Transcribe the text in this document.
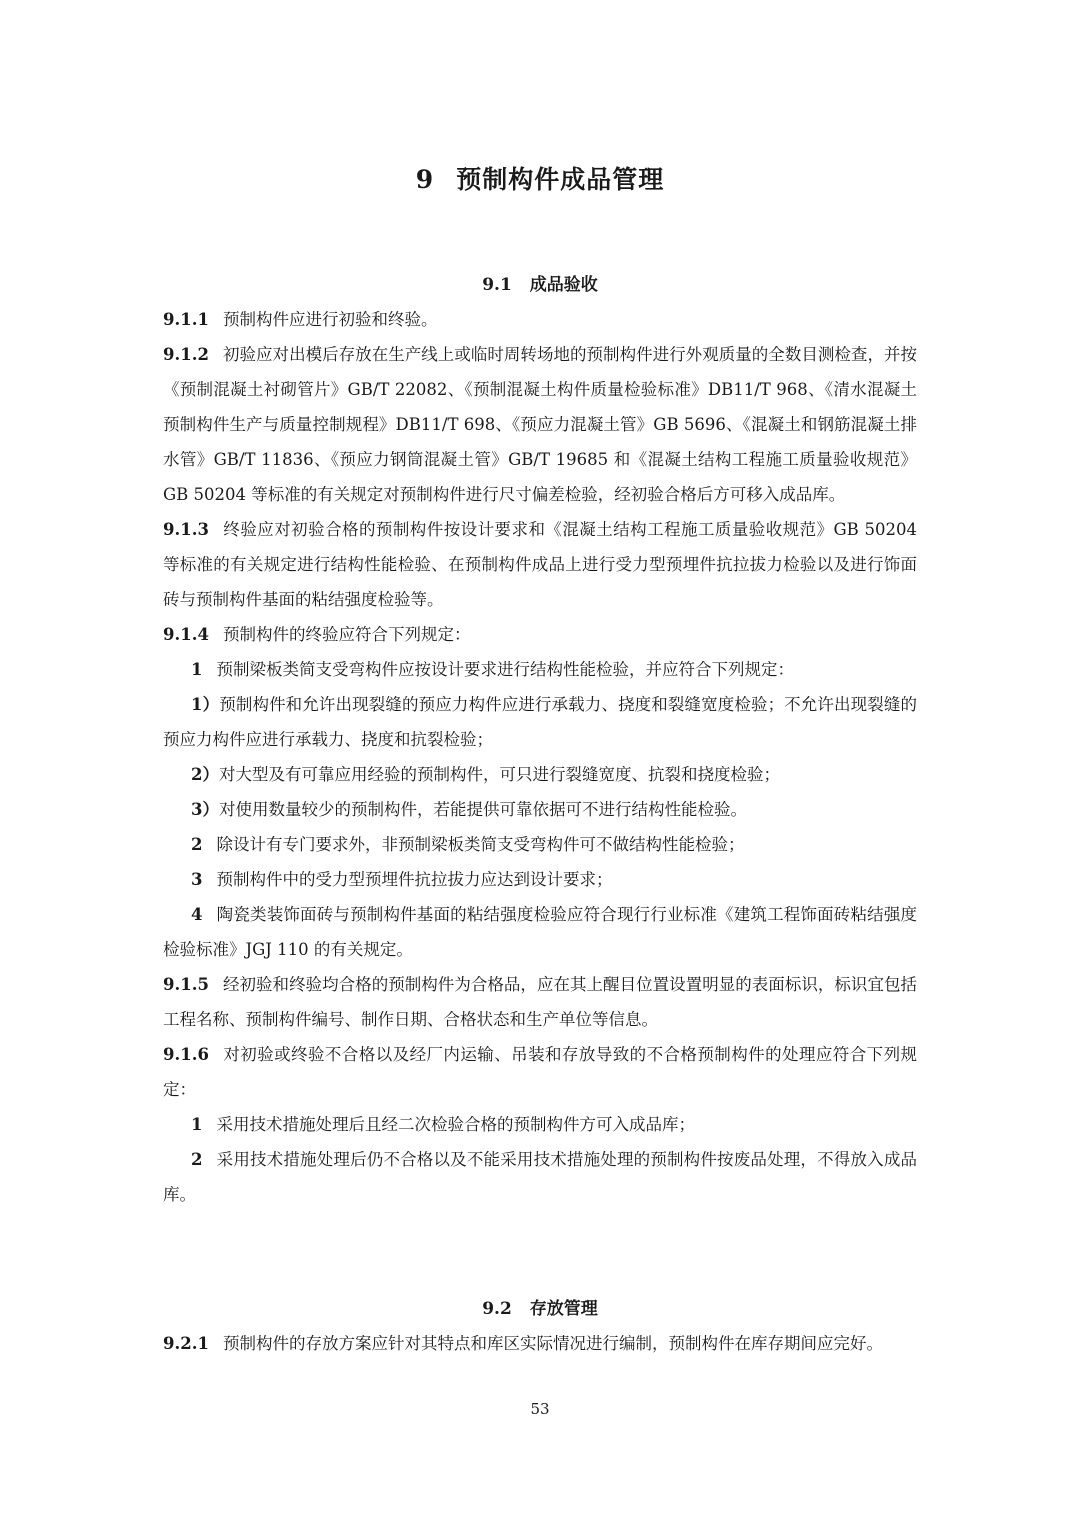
9 预制构件成品管理
9.1 成品验收

9.1.1 预制构件应进行初验和终验。

9.1.2 初验应对出模后存放在生产线上或临时周转场地的预制构件进行外观质量的全数目测检查，并按《预制混凝土衬砌管片》GB/T 22082、《预制混凝土构件质量检验标准》DB11/T 968、《清水混凝土预制构件生产与质量控制规程》DB11/T 698、《预应力混凝土管》GB 5696、《混凝土和钢筋混凝土排水管》GB/T 11836、《预应力钢筒混凝土管》GB/T 19685 和《混凝土结构工程施工质量验收规范》GB 50204 等标准的有关规定对预制构件进行尺寸偏差检验，经初验合格后方可移入成品库。

9.1.3 终验应对初验合格的预制构件按设计要求和《混凝土结构工程施工质量验收规范》GB 50204 等标准的有关规定进行结构性能检验、在预制构件成品上进行受力型预埋件抗拉拔力检验以及进行饰面砖与预制构件基面的粘结强度检验等。

9.1.4 预制构件的终验应符合下列规定：

1 预制梁板类简支受弯构件应按设计要求进行结构性能检验，并应符合下列规定：

1）预制构件和允许出现裂缝的预应力构件应进行承载力、挠度和裂缝宽度检验；不允许出现裂缝的预应力构件应进行承载力、挠度和抗裂检验；

2）对大型及有可靠应用经验的预制构件，可只进行裂缝宽度、抗裂和挠度检验；

3）对使用数量较少的预制构件，若能提供可靠依据可不进行结构性能检验。

2 除设计有专门要求外，非预制梁板类简支受弯构件可不做结构性能检验；

3 预制构件中的受力型预埋件抗拉拔力应达到设计要求；

4 陶瓷类装饰面砖与预制构件基面的粘结强度检验应符合现行行业标准《建筑工程饰面砖粘结强度检验标准》JGJ 110 的有关规定。

9.1.5 经初验和终验均合格的预制构件为合格品，应在其上醒目位置设置明显的表面标识，标识宜包括工程名称、预制构件编号、制作日期、合格状态和生产单位等信息。

9.1.6 对初验或终验不合格以及经厂内运输、吊装和存放导致的不合格预制构件的处理应符合下列规定：

1 采用技术措施处理后且经二次检验合格的预制构件方可入成品库；

2 采用技术措施处理后仍不合格以及不能采用技术措施处理的预制构件按废品处理，不得放入成品库。

9.2 存放管理

9.2.1 预制构件的存放方案应针对其特点和库区实际情况进行编制，预制构件在库存期间应完好。

53
